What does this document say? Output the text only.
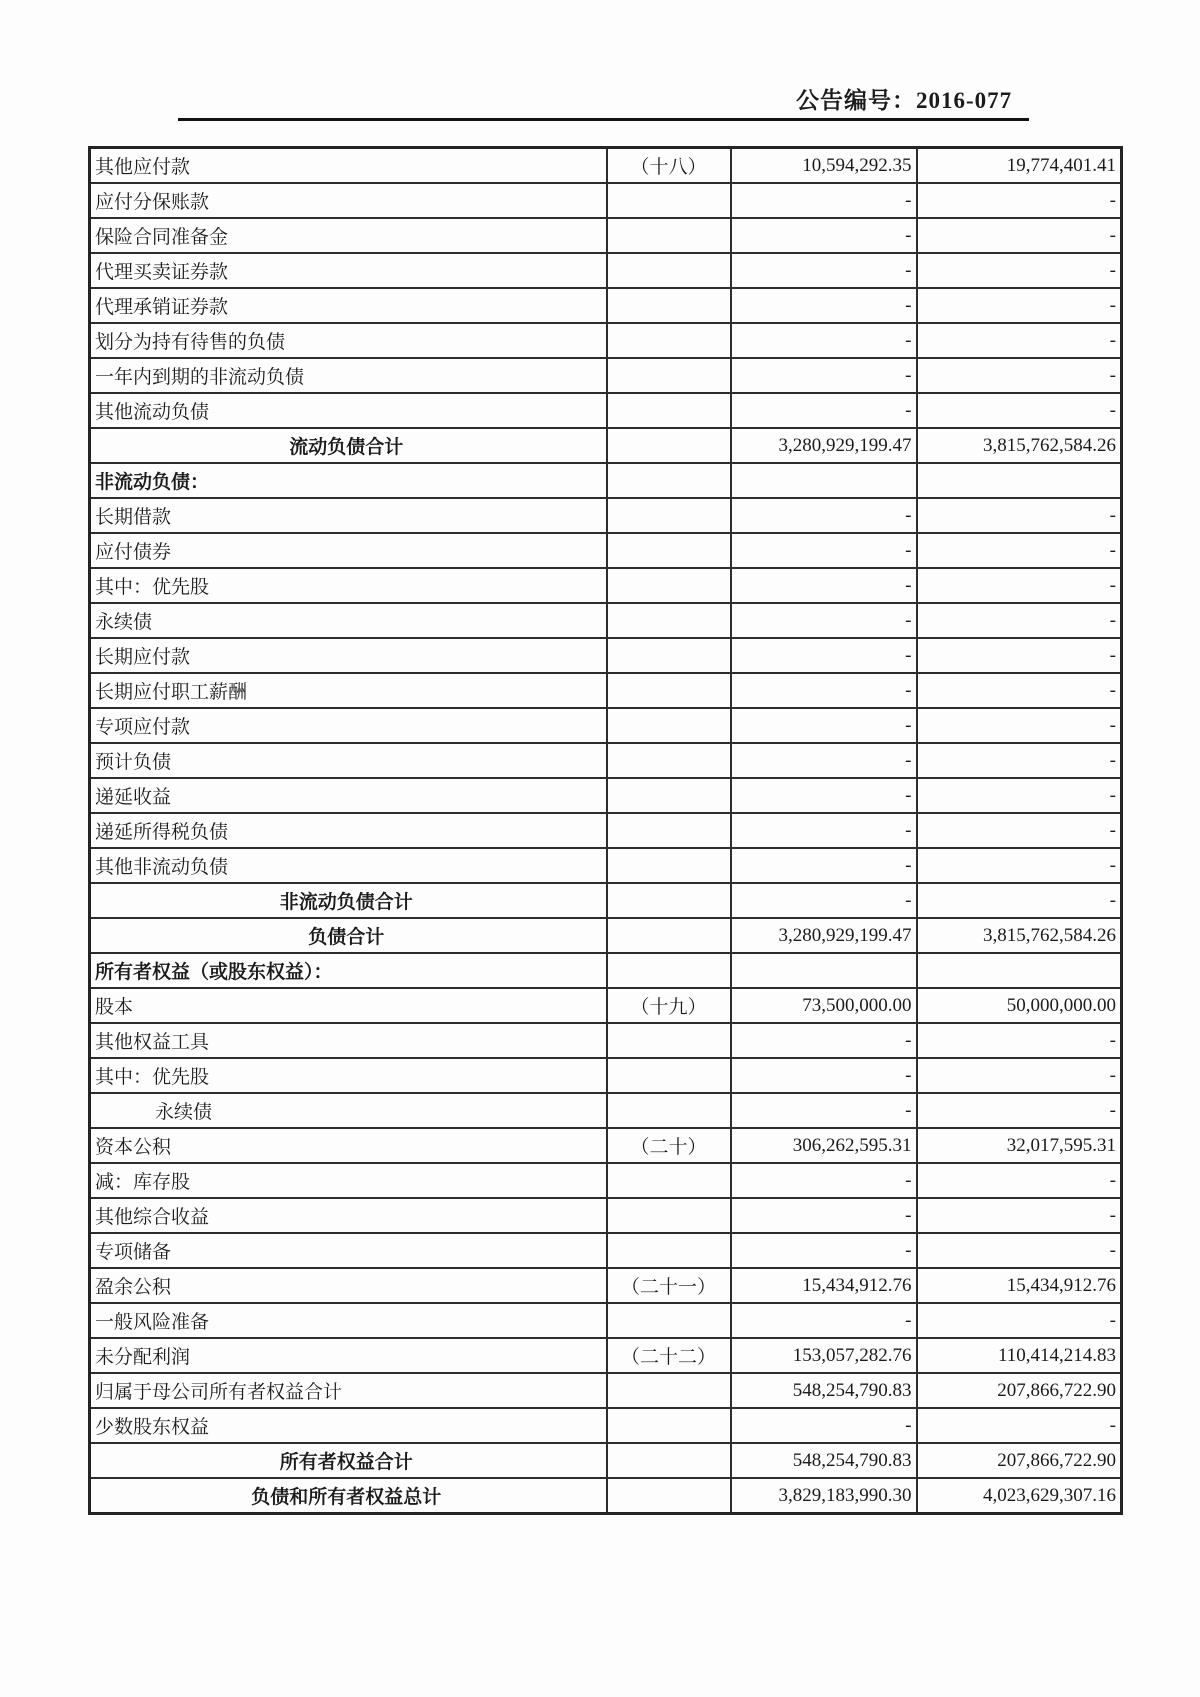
公告编号：2016-077
其他应付款	（十八）	10,594,292.35	19,774,401.41
应付分保账款		-	-
保险合同准备金		-	-
代理买卖证券款		-	-
代理承销证券款		-	-
划分为持有待售的负债		-	-
一年内到期的非流动负债		-	-
其他流动负债		-	-
流动负债合计		3,280,929,199.47	3,815,762,584.26
非流动负债：			
长期借款		-	-
应付债券		-	-
其中：优先股		-	-
永续债		-	-
长期应付款		-	-
长期应付职工薪酬		-	-
专项应付款		-	-
预计负债		-	-
递延收益		-	-
递延所得税负债		-	-
其他非流动负债		-	-
非流动负债合计		-	-
负债合计		3,280,929,199.47	3,815,762,584.26
所有者权益（或股东权益）：			
股本	（十九）	73,500,000.00	50,000,000.00
其他权益工具		-	-
其中：优先股		-	-
永续债		-	-
资本公积	（二十）	306,262,595.31	32,017,595.31
减：库存股		-	-
其他综合收益		-	-
专项储备		-	-
盈余公积	（二十一）	15,434,912.76	15,434,912.76
一般风险准备		-	-
未分配利润	（二十二）	153,057,282.76	110,414,214.83
归属于母公司所有者权益合计		548,254,790.83	207,866,722.90
少数股东权益		-	-
所有者权益合计		548,254,790.83	207,866,722.90
负债和所有者权益总计		3,829,183,990.30	4,023,629,307.16
